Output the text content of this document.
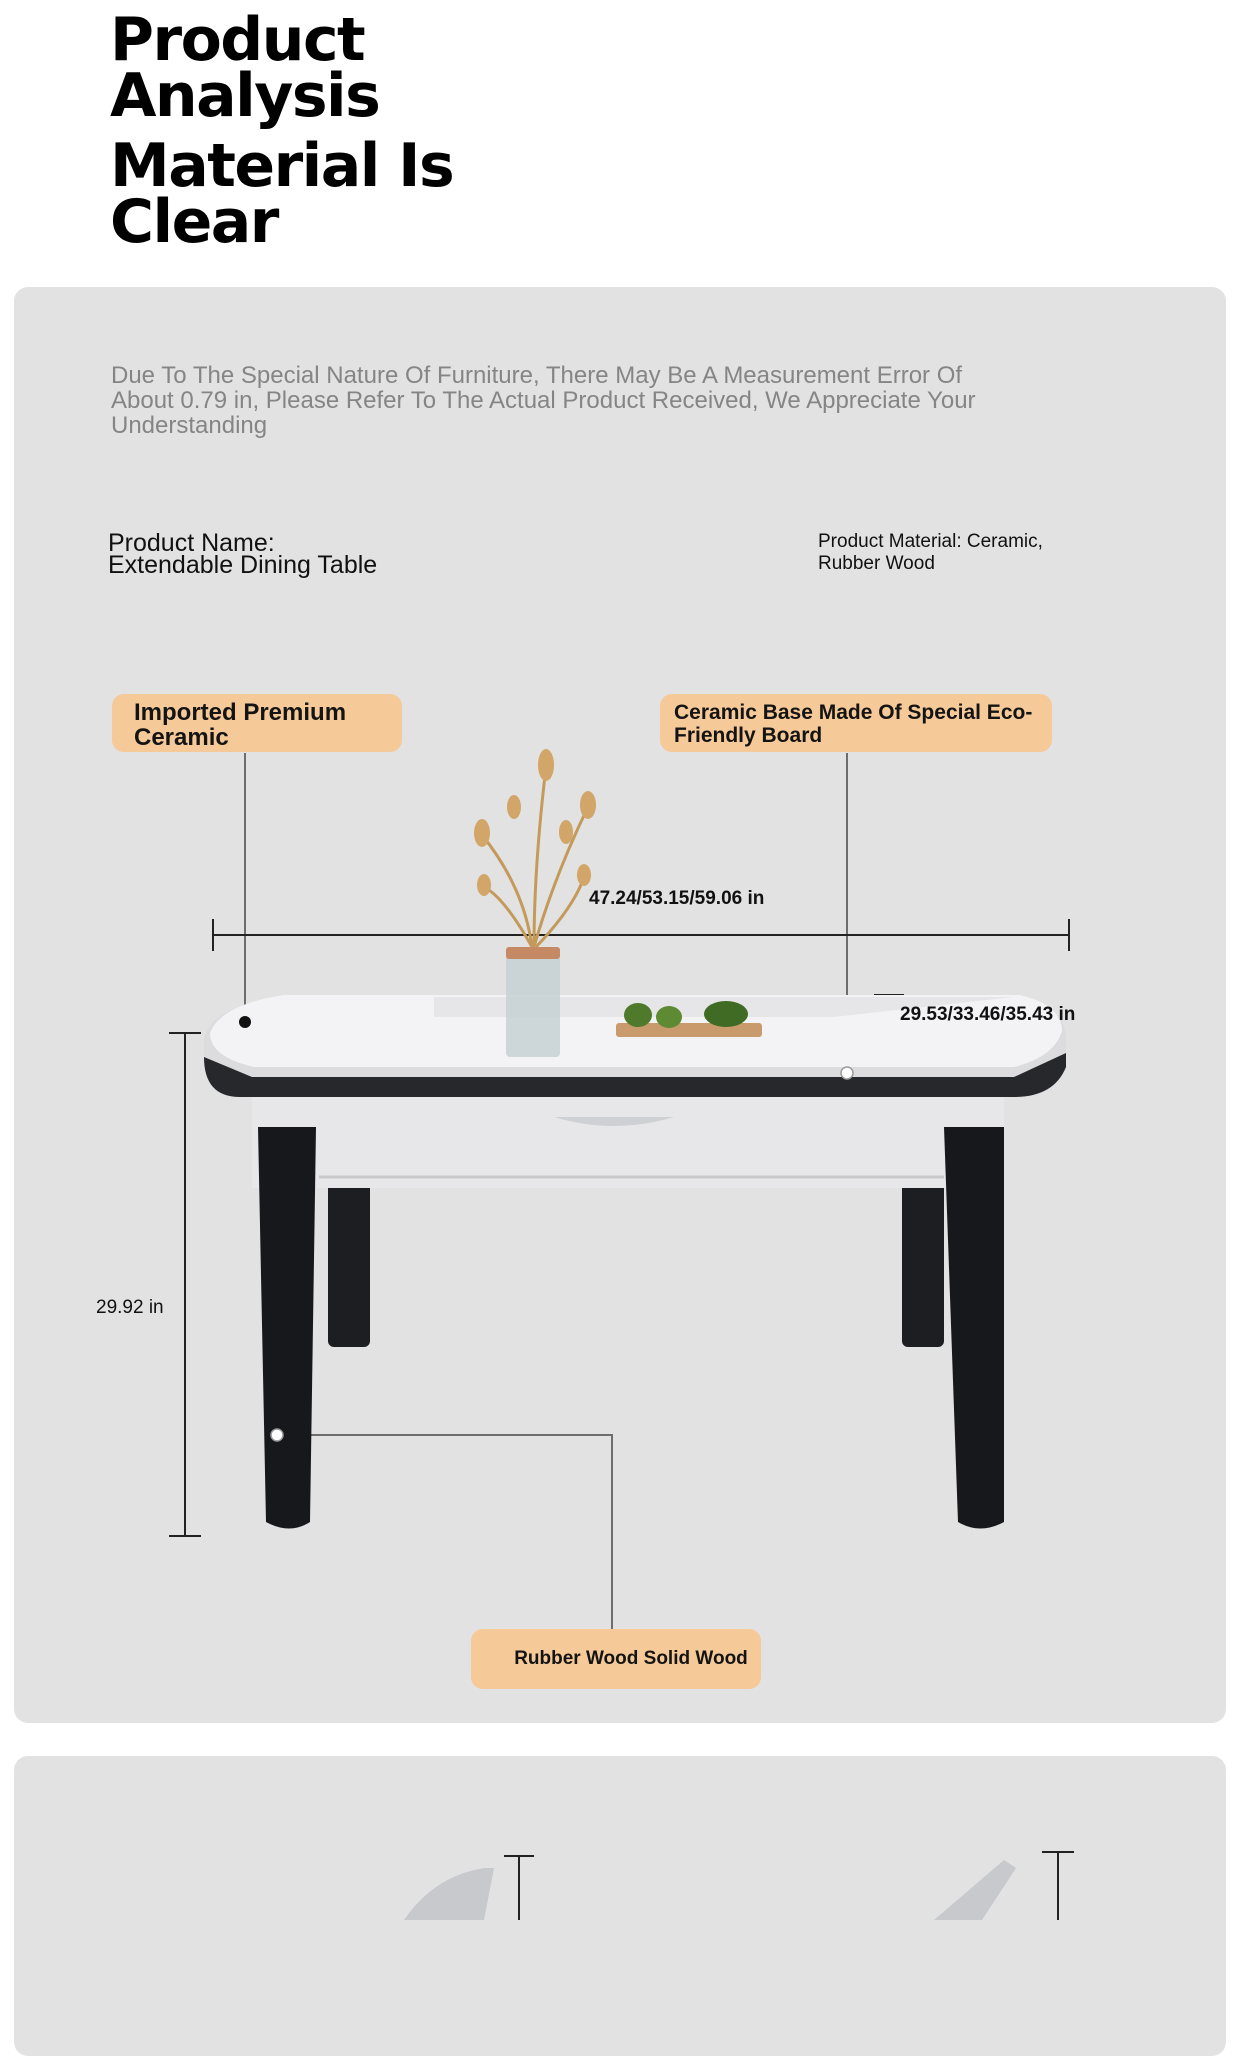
Product
Analysis
Material Is
Clear
Due To The Special Nature Of Furniture, There May Be A Measurement Error Of About 0.79 in, Please Refer To The Actual Product Received, We Appreciate Your Understanding
Product Name:
Extendable Dining Table
Product Material: Ceramic, Rubber Wood
Imported Premium Ceramic
Ceramic Base Made Of Special Eco-Friendly Board
Rubber Wood Solid Wood
47.24/53.15/59.06 in
29.53/33.46/35.43 in
29.92 in
